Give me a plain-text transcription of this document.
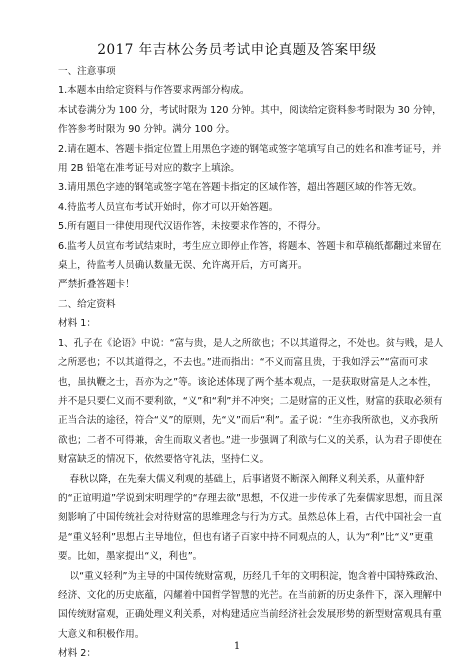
2017 年吉林公务员考试申论真题及答案甲级

一、注意事项

1.本题本由给定资料与作答要求两部分构成。

本试卷满分为 100 分，考试时限为 120 分钟。其中，阅读给定资料参考时限为 30 分钟，作答参考时限为 90 分钟。满分 100 分。

2.请在题本、答题卡指定位置上用黑色字迹的钢笔或签字笔填写自己的姓名和准考证号，并用 2B 铅笔在准考证号对应的数字上填涂。

3.请用黑色字迹的钢笔或签字笔在答题卡指定的区域作答，超出答题区域的作答无效。

4.待监考人员宣布考试开始时，你才可以开始答题。

5.所有题目一律使用现代汉语作答，未按要求作答的，不得分。

6.监考人员宣布考试结束时，考生应立即停止作答，将题本、答题卡和草稿纸都翻过来留在桌上，待监考人员确认数量无误、允许离开后，方可离开。

严禁折叠答题卡！

二、给定资料

材料 1：

1、孔子在《论语》中说：“富与贵，是人之所欲也；不以其道得之，不处也。贫与贱，是人之所恶也；不以其道得之，不去也。”进而指出：“不义而富且贵，于我如浮云”“富而可求也，虽执鞭之士，吾亦为之”等。该论述体现了两个基本观点，一是获取财富是人之本性，并不是只要仁义而不要利欲，“义”和“利”并不冲突；二是财富的正义性，财富的获取必须有正当合法的途径，符合“义”的原则，先“义”而后“利”。孟子说：“生亦我所欲也，义亦我所欲也；二者不可得兼，舍生而取义者也。”进一步强调了利欲与仁义的关系，认为君子即使在财富缺乏的情况下，依然要恪守礼法，坚持仁义。

春秋以降，在先秦大儒义利观的基础上，后事诸贤不断深入阐释义利关系，从董仲舒的“正谊明道”学说到宋明理学的“存理去欲”思想，不仅进一步传承了先秦儒家思想，而且深刻影响了中国传统社会对待财富的思维理念与行为方式。虽然总体上看，古代中国社会一直是“重义轻利”思想占主导地位，但也有诸子百家中持不同观点的人，认为“利”比“义”更重要。比如，墨家提出“义，利也”。

以“重义轻利”为主导的中国传统财富观，历经几千年的文明积淀，饱含着中国特殊政治、经济、文化的历史底蕴，闪耀着中国哲学智慧的光芒。在当前新的历史条件下，深入理解中国传统财富观，正确处理义利关系，对构建适应当前经济社会发展形势的新型财富观具有重大意义和积极作用。

材料 2：

1
